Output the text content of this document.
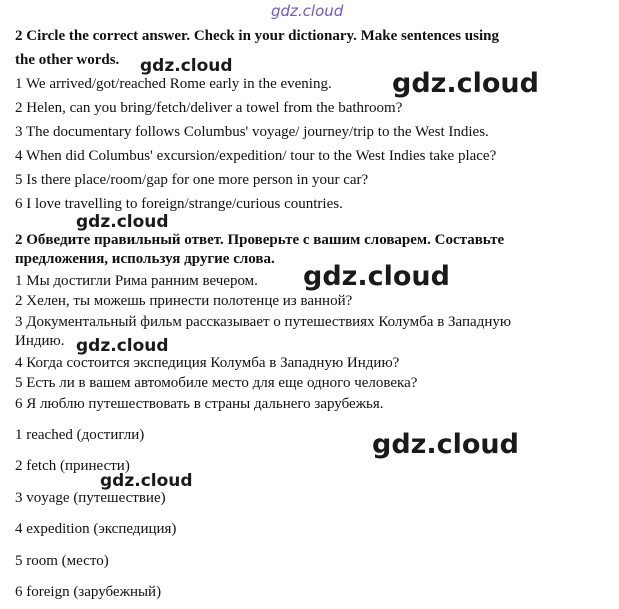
2 Circle the correct answer. Check in your dictionary. Make sentences using
the other words.
1 We arrived/got/reached Rome early in the evening.
2 Helen, can you bring/fetch/deliver a towel from the bathroom?
3 The documentary follows Columbus' voyage/ journey/trip to the West Indies.
4 When did Columbus' excursion/expedition/ tour to the West Indies take place?
5 Is there place/room/gap for one more person in your car?
6 I love travelling to foreign/strange/curious countries.
2 Обведите правильный ответ. Проверьте с вашим словарем. Составьте
предложения, используя другие слова.
1 Мы достигли Рима ранним вечером.
2 Хелен, ты можешь принести полотенце из ванной?
3 Документальный фильм рассказывает о путешествиях Колумба в Западную
Индию.
4 Когда состоится экспедиция Колумба в Западную Индию?
5 Есть ли в вашем автомобиле место для еще одного человека?
6 Я люблю путешествовать в страны дальнего зарубежья.
1 reached (достигли)
2 fetch (принести)
3 voyage (путешествие)
4 expedition (экспедиция)
5 room (место)
6 foreign (зарубежный)
gdz.cloud
gdz.cloud
gdz.cloud
gdz.cloud
gdz.cloud
gdz.cloud
gdz.cloud
gdz.cloud
